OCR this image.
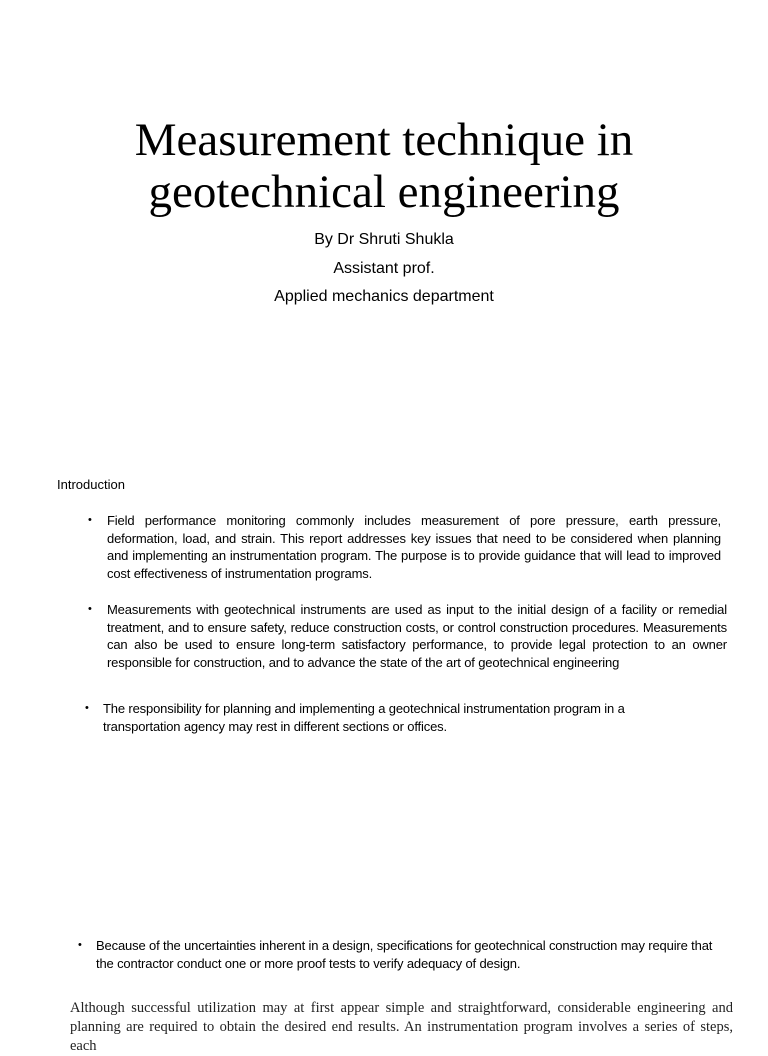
Measurement technique in
geotechnical engineering
By Dr Shruti Shukla
Assistant prof.
Applied mechanics department
Introduction
• Field performance monitoring commonly includes measurement of pore pressure, earth pressure, deformation, load, and strain. This report addresses key issues that need to be considered when planning and implementing an instrumentation program. The purpose is to provide guidance that will lead to improved cost effectiveness of instrumentation programs.
• Measurements with geotechnical instruments are used as input to the initial design of a facility or remedial treatment, and to ensure safety, reduce construction costs, or control construction procedures. Measurements can also be used to ensure long-term satisfactory performance, to provide legal protection to an owner responsible for construction, and to advance the state of the art of geotechnical engineering
• The responsibility for planning and implementing a geotechnical instrumentation program in a transportation agency may rest in different sections or offices.
• Because of the uncertainties inherent in a design, specifications for geotechnical construction may require that the contractor conduct one or more proof tests to verify adequacy of design.
Although successful utilization may at first appear simple and straightforward, considerable engineering and planning are required to obtain the desired end results. An instrumentation program involves a series of steps, each
